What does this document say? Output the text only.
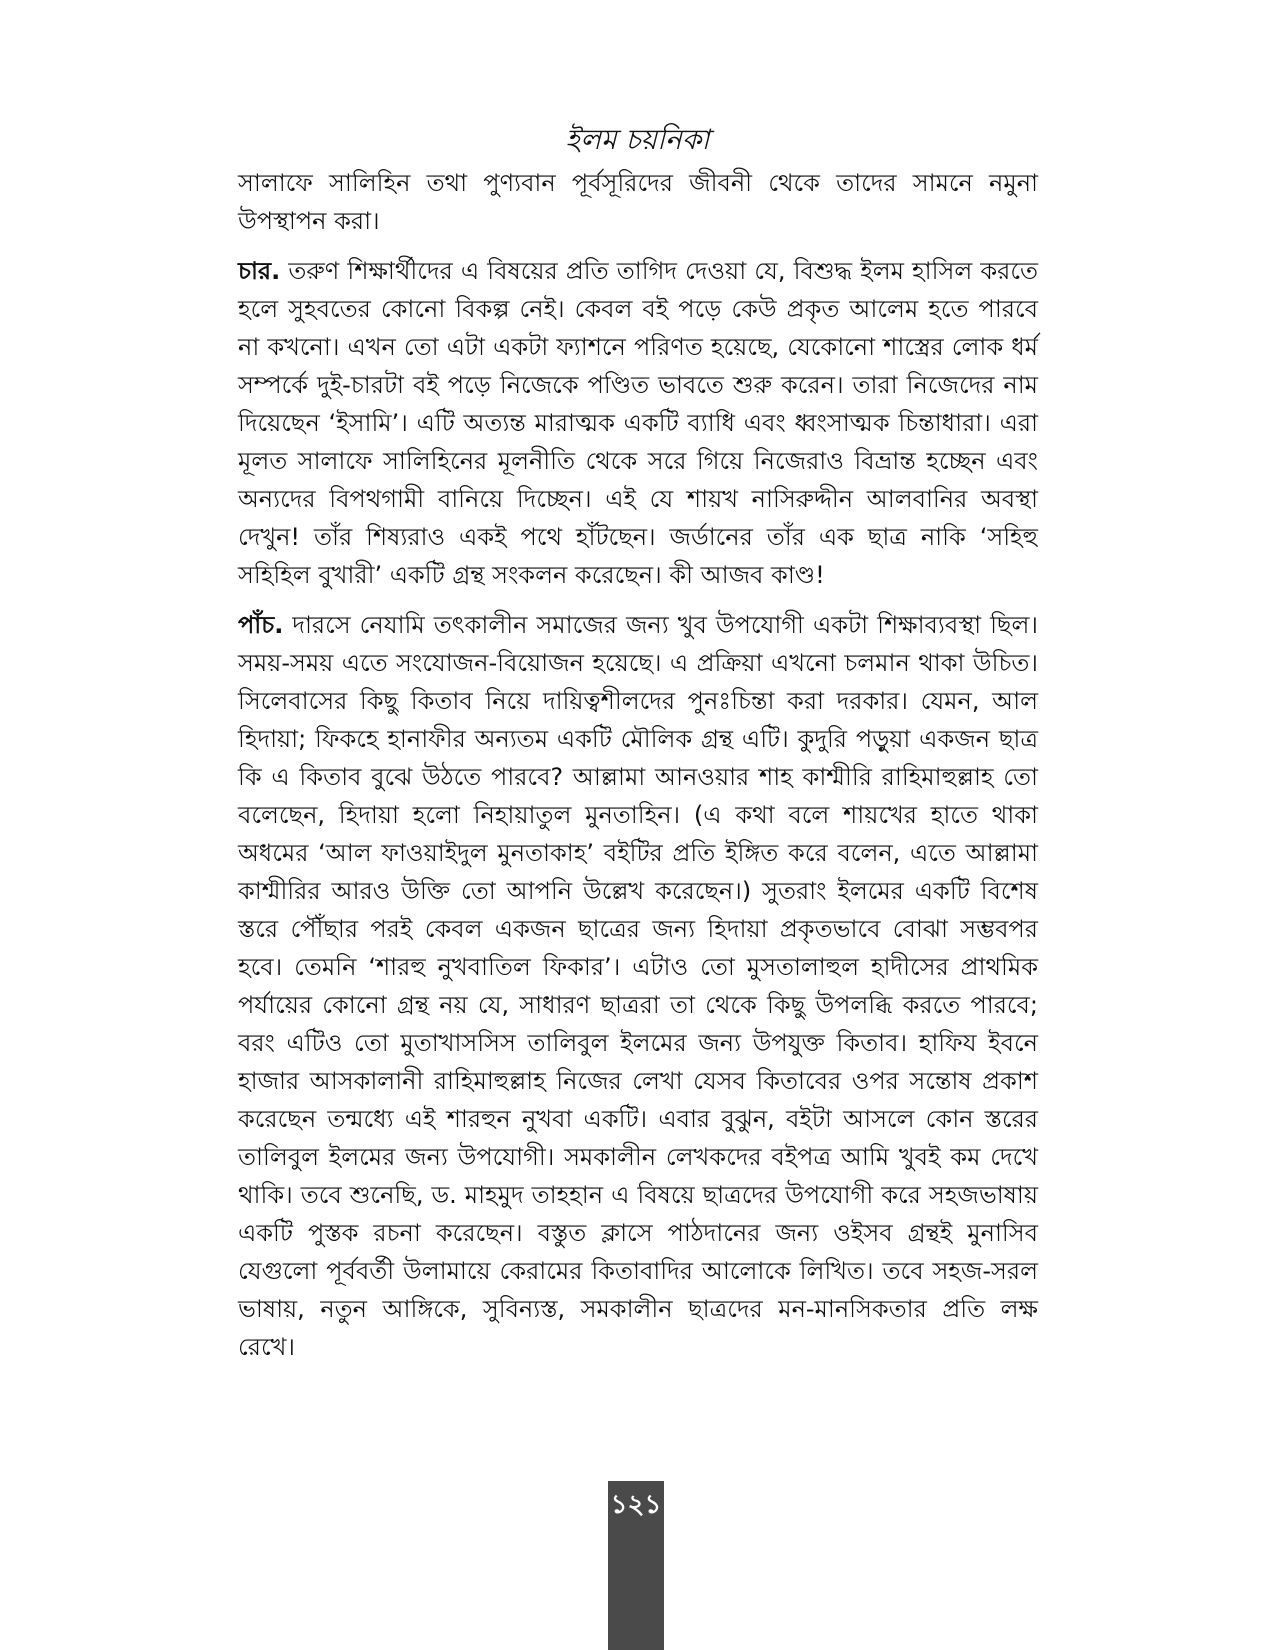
ইলম চয়নিকা

সালাফে সালিহিন তথা পুণ্যবান পূর্বসূরিদের জীবনী থেকে তাদের সামনে নমুনা উপস্থাপন করা।

চার. তরুণ শিক্ষার্থীদের এ বিষয়ের প্রতি তাগিদ দেওয়া যে, বিশুদ্ধ ইলম হাসিল করতে হলে সুহবতের কোনো বিকল্প নেই। কেবল বই পড়ে কেউ প্রকৃত আলেম হতে পারবে না কখনো। এখন তো এটা একটা ফ্যাশনে পরিণত হয়েছে, যেকোনো শাস্ত্রের লোক ধর্ম সম্পর্কে দুই-চারটা বই পড়ে নিজেকে পণ্ডিত ভাবতে শুরু করেন। তারা নিজেদের নাম দিয়েছেন ‘ইসামি’। এটি অত্যন্ত মারাত্মক একটি ব্যাধি এবং ধ্বংসাত্মক চিন্তাধারা। এরা মূলত সালাফে সালিহিনের মূলনীতি থেকে সরে গিয়ে নিজেরাও বিভ্রান্ত হচ্ছেন এবং অন্যদের বিপথগামী বানিয়ে দিচ্ছেন। এই যে শায়খ নাসিরুদ্দীন আলবানির অবস্থা দেখুন! তাঁর শিষ্যরাও একই পথে হাঁটছেন। জর্ডানের তাঁর এক ছাত্র নাকি ‘সহিহু সহিহিল বুখারী’ একটি গ্রন্থ সংকলন করেছেন। কী আজব কাণ্ড!

পাঁচ. দারসে নেযামি তৎকালীন সমাজের জন্য খুব উপযোগী একটা শিক্ষাব্যবস্থা ছিল। সময়-সময় এতে সংযোজন-বিয়োজন হয়েছে। এ প্রক্রিয়া এখনো চলমান থাকা উচিত। সিলেবাসের কিছু কিতাব নিয়ে দায়িত্বশীলদের পুনঃচিন্তা করা দরকার। যেমন, আল হিদায়া; ফিকহে হানাফীর অন্যতম একটি মৌলিক গ্রন্থ এটি। কুদুরি পড়ুয়া একজন ছাত্র কি এ কিতাব বুঝে উঠতে পারবে? আল্লামা আনওয়ার শাহ কাশ্মীরি রাহিমাহুল্লাহ তো বলেছেন, হিদায়া হলো নিহায়াতুল মুনতাহিন। (এ কথা বলে শায়খের হাতে থাকা অধমের ‘আল ফাওয়াইদুল মুনতাকাহ’ বইটির প্রতি ইঙ্গিত করে বলেন, এতে আল্লামা কাশ্মীরির আরও উক্তি তো আপনি উল্লেখ করেছেন।) সুতরাং ইলমের একটি বিশেষ স্তরে পৌঁছার পরই কেবল একজন ছাত্রের জন্য হিদায়া প্রকৃতভাবে বোঝা সম্ভবপর হবে। তেমনি ‘শারহু নুখবাতিল ফিকার’। এটাও তো মুসতালাহুল হাদীসের প্রাথমিক পর্যায়ের কোনো গ্রন্থ নয় যে, সাধারণ ছাত্ররা তা থেকে কিছু উপলব্ধি করতে পারবে; বরং এটিও তো মুতাখাসসিস তালিবুল ইলমের জন্য উপযুক্ত কিতাব। হাফিয ইবনে হাজার আসকালানী রাহিমাহুল্লাহ নিজের লেখা যেসব কিতাবের ওপর সন্তোষ প্রকাশ করেছেন তন্মধ্যে এই শারহুন নুখবা একটি। এবার বুঝুন, বইটা আসলে কোন স্তরের তালিবুল ইলমের জন্য উপযোগী। সমকালীন লেখকদের বইপত্র আমি খুবই কম দেখে থাকি। তবে শুনেছি, ড. মাহমুদ তাহহান এ বিষয়ে ছাত্রদের উপযোগী করে সহজভাষায় একটি পুস্তক রচনা করেছেন। বস্তুত ক্লাসে পাঠদানের জন্য ওইসব গ্রন্থই মুনাসিব যেগুলো পূর্ববর্তী উলামায়ে কেরামের কিতাবাদির আলোকে লিখিত। তবে সহজ-সরল ভাষায়, নতুন আঙ্গিকে, সুবিন্যস্ত, সমকালীন ছাত্রদের মন-মানসিকতার প্রতি লক্ষ রেখে।

১২১
